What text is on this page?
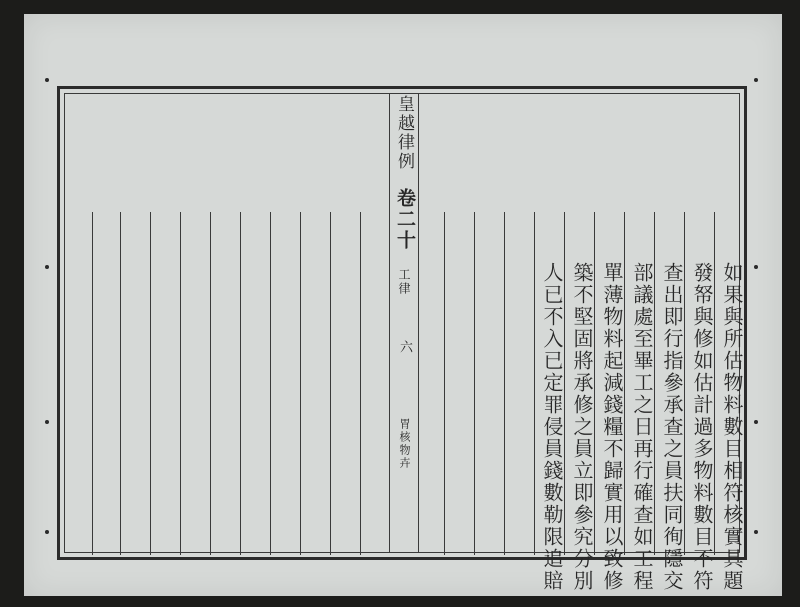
皇越律例
卷二十
工律
六
胃核物卉	如果與所估物料數目相符核實具題
發帑與修如估計過多物料數目不符
查出即行指參承查之員扶同徇隱交
部議處至畢工之日再行確查如工程
單薄物料起減錢糧不歸實用以致修
築不堅固將承修之員立即參究分別
人已不入已定罪侵員錢數勒限追賠
